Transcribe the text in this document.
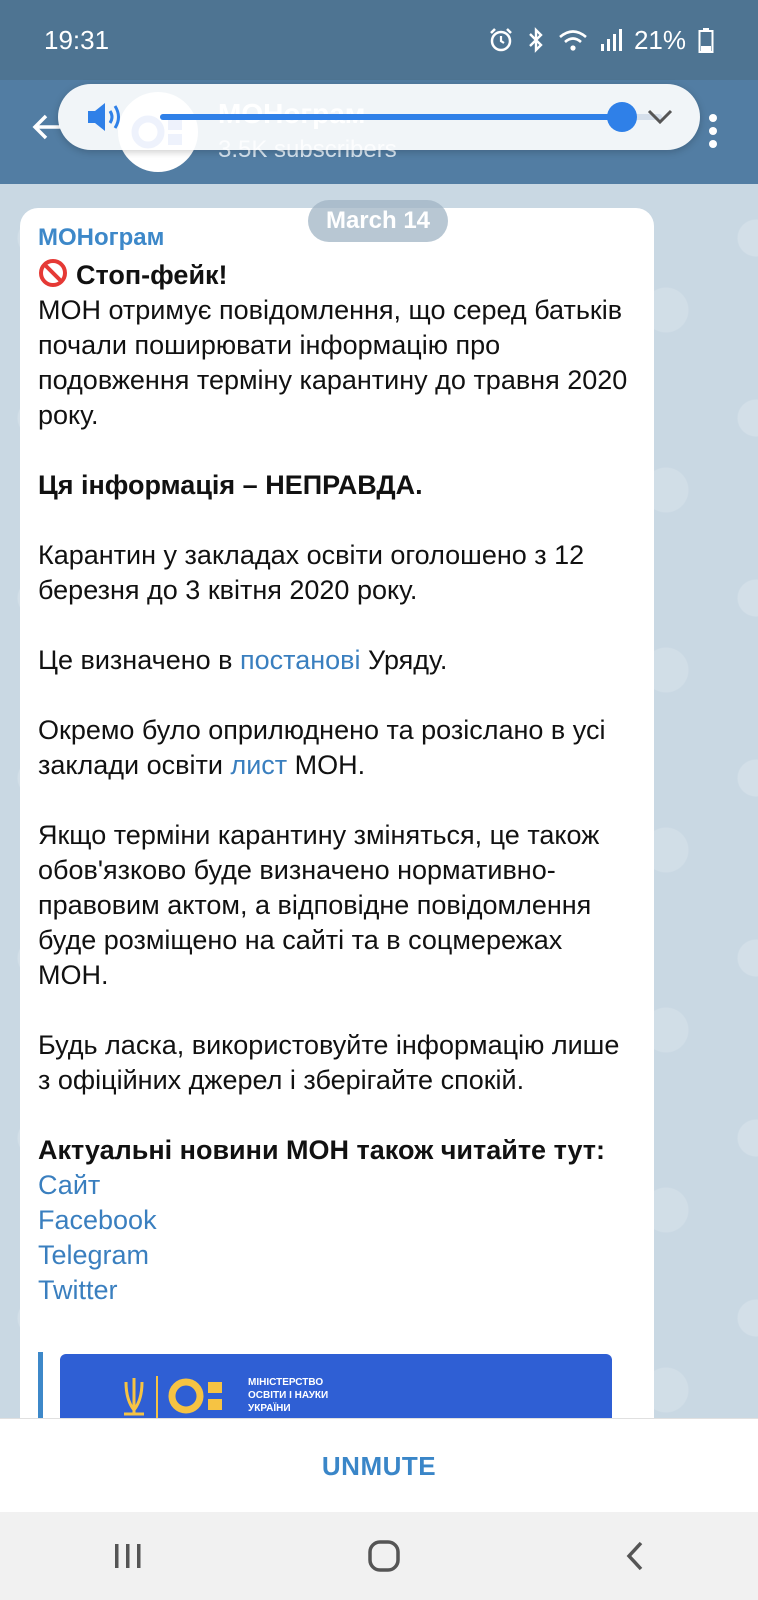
19:31	21%
March 14
МОНограм

Стоп-фейк!

МОН отримує повідомлення, що серед батьків почали поширювати інформацію про подовження терміну карантину до травня 2020 року.

Ця інформація – НЕПРАВДА.

Карантин у закладах освіти оголошено з 12 березня до 3 квітня 2020 року.

Це визначено в постанові Уряду.

Окремо було оприлюднено та розіслано в усі заклади освіти лист МОН.

Якщо терміни карантину зміняться, це також обов'язково буде визначено нормативно-правовим актом, а відповідне повідомлення буде розміщено на сайті та в соцмережах МОН.

Будь ласка, використовуйте інформацію лише з офіційних джерел і зберігайте спокій.

Актуальні новини МОН також читайте тут:

Сайт
Facebook
Telegram
Twitter
МІНІСТЕРСТВО
ОСВІТИ І НАУКИ
УКРАЇНИ
UNMUTE
